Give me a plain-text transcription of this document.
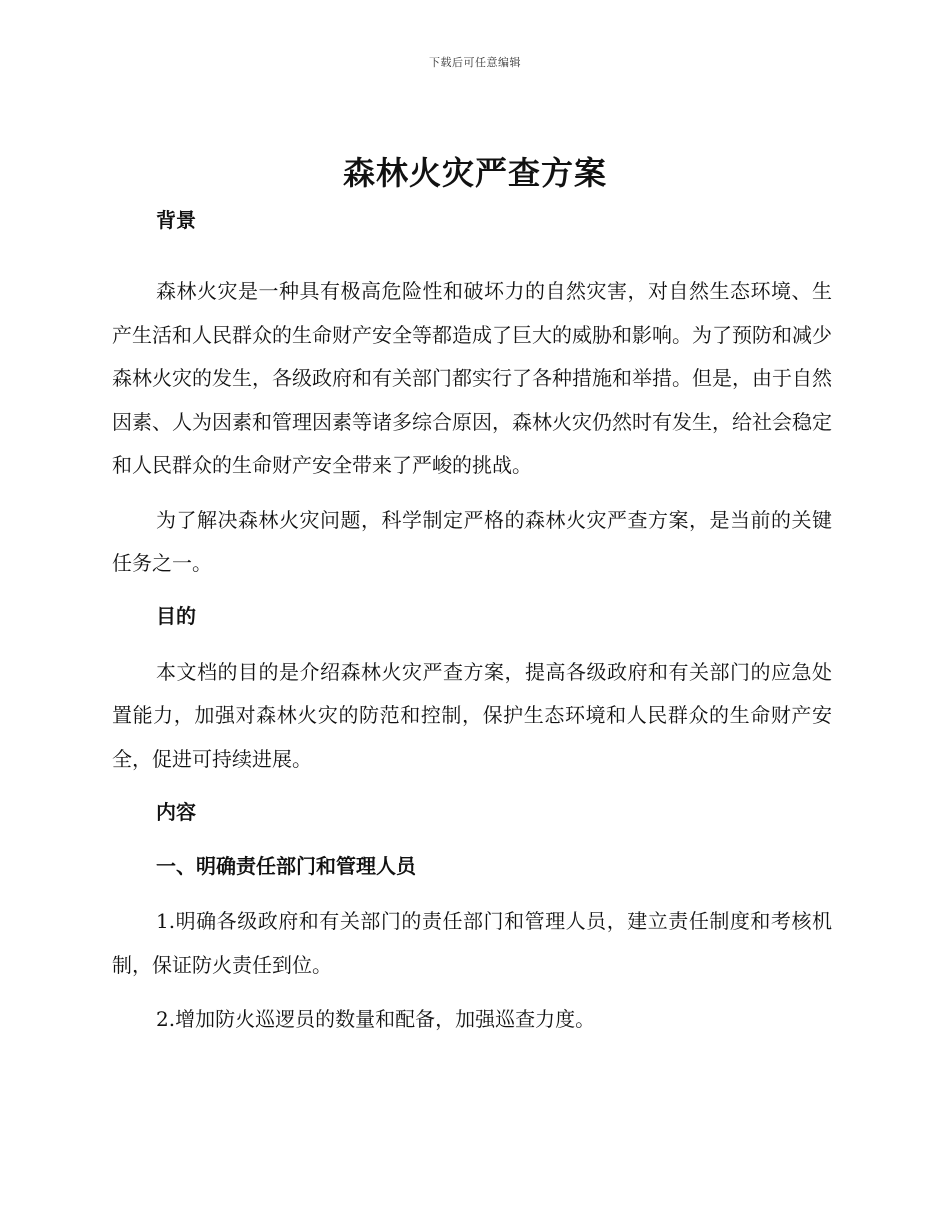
下载后可任意编辑
森林火灾严查方案
背景

森林火灾是一种具有极高危险性和破坏力的自然灾害，对自然生态环境、生产生活和人民群众的生命财产安全等都造成了巨大的威胁和影响。为了预防和减少森林火灾的发生，各级政府和有关部门都实行了各种措施和举措。但是，由于自然因素、人为因素和管理因素等诸多综合原因，森林火灾仍然时有发生，给社会稳定和人民群众的生命财产安全带来了严峻的挑战。

为了解决森林火灾问题，科学制定严格的森林火灾严查方案，是当前的关键任务之一。

目的

本文档的目的是介绍森林火灾严查方案，提高各级政府和有关部门的应急处置能力，加强对森林火灾的防范和控制，保护生态环境和人民群众的生命财产安全，促进可持续进展。

内容
一、明确责任部门和管理人员

1.明确各级政府和有关部门的责任部门和管理人员，建立责任制度和考核机制，保证防火责任到位。

2.增加防火巡逻员的数量和配备，加强巡查力度。
